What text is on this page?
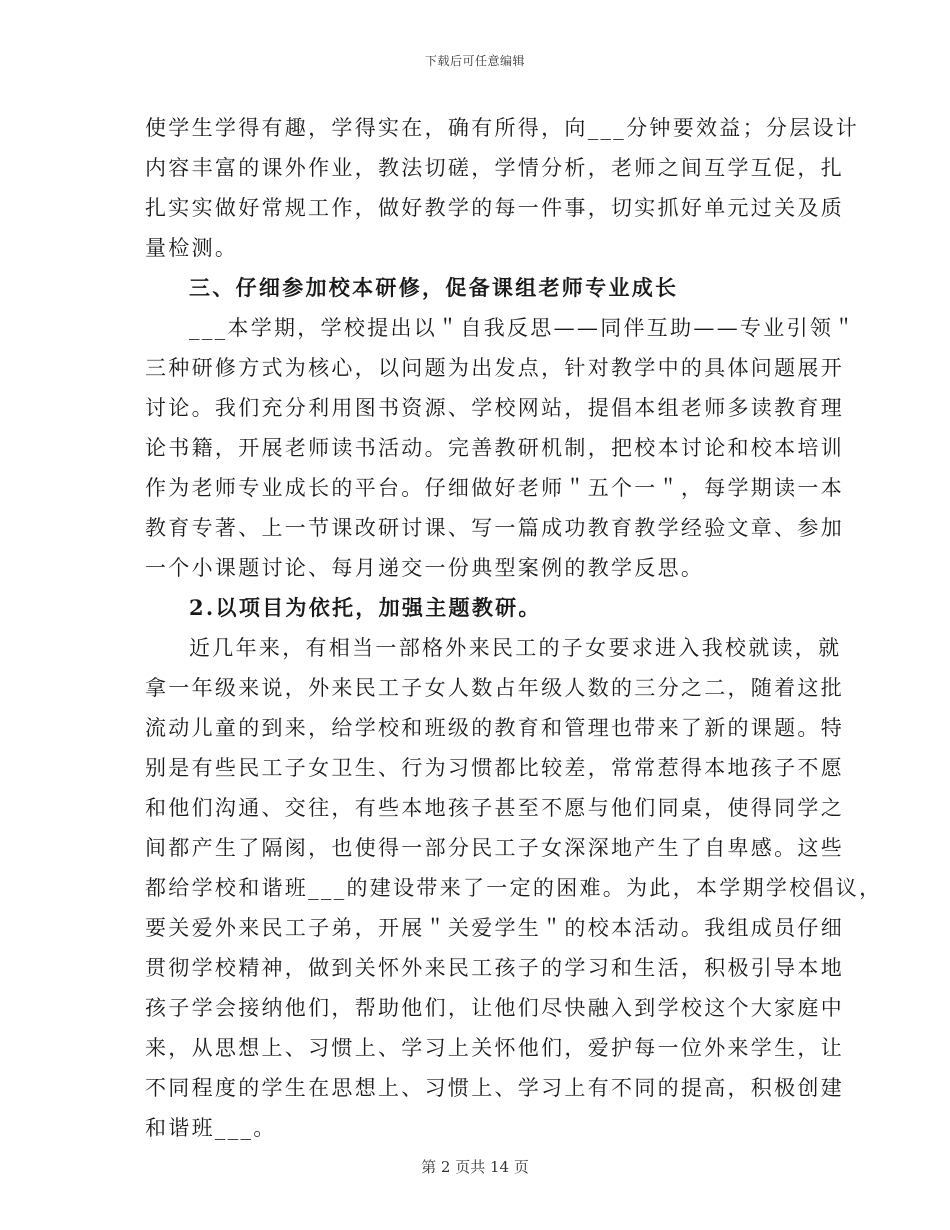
下载后可任意编辑
使学生学得有趣，学得实在，确有所得，向___分钟要效益；分层设计
内容丰富的课外作业，教法切磋，学情分析，老师之间互学互促，扎
扎实实做好常规工作，做好教学的每一件事，切实抓好单元过关及质
量检测。
三、仔细参加校本研修，促备课组老师专业成长
___本学期，学校提出以＂自我反思——同伴互助——专业引领＂
三种研修方式为核心，以问题为出发点，针对教学中的具体问题展开
讨论。我们充分利用图书资源、学校网站，提倡本组老师多读教育理
论书籍，开展老师读书活动。完善教研机制，把校本讨论和校本培训
作为老师专业成长的平台。仔细做好老师＂五个一＂，每学期读一本
教育专著、上一节课改研讨课、写一篇成功教育教学经验文章、参加
一个小课题讨论、每月递交一份典型案例的教学反思。
2.以项目为依托，加强主题教研。
近几年来，有相当一部格外来民工的子女要求进入我校就读，就
拿一年级来说，外来民工子女人数占年级人数的三分之二，随着这批
流动儿童的到来，给学校和班级的教育和管理也带来了新的课题。特
别是有些民工子女卫生、行为习惯都比较差，常常惹得本地孩子不愿
和他们沟通、交往，有些本地孩子甚至不愿与他们同桌，使得同学之
间都产生了隔阂，也使得一部分民工子女深深地产生了自卑感。这些
都给学校和谐班___的建设带来了一定的困难。为此，本学期学校倡议，
要关爱外来民工子弟，开展＂关爱学生＂的校本活动。我组成员仔细
贯彻学校精神，做到关怀外来民工孩子的学习和生活，积极引导本地
孩子学会接纳他们，帮助他们，让他们尽快融入到学校这个大家庭中
来，从思想上、习惯上、学习上关怀他们，爱护每一位外来学生，让
不同程度的学生在思想上、习惯上、学习上有不同的提高，积极创建
和谐班___。
第 2 页共 14 页
